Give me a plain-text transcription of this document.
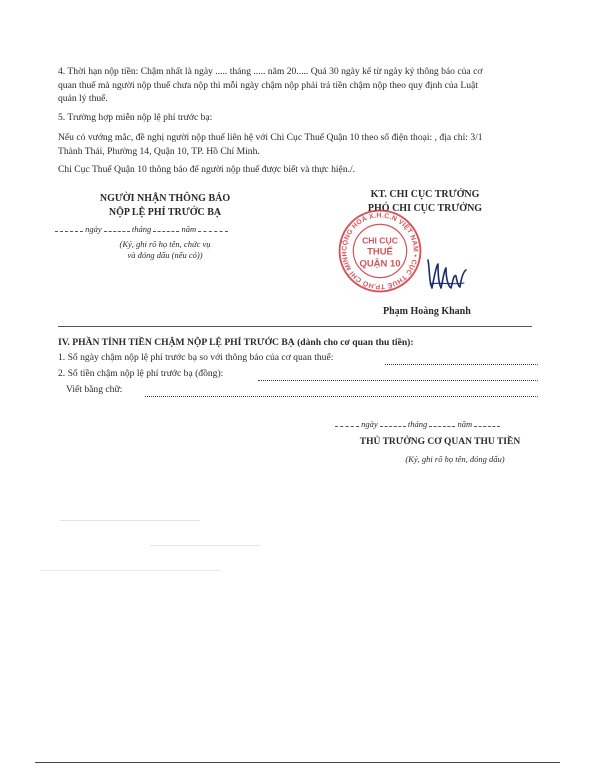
4. Thời hạn nộp tiền: Chậm nhất là ngày ..... tháng ..... năm 20..... Quá 30 ngày kể từ ngày ký thông báo của cơ
quan thuế mà người nộp thuế chưa nộp thì mỗi ngày chậm nộp phải trả tiền chậm nộp theo quy định của Luật
quản lý thuế.
5. Trường hợp miễn nộp lệ phí trước bạ:
Nếu có vướng mắc, đề nghị người nộp thuế liên hệ với Chi Cục Thuế Quận 10 theo số điện thoại: , địa chỉ: 3/1
Thành Thái, Phường 14, Quận 10, TP. Hồ Chí Minh.
Chi Cục Thuế Quận 10 thông báo để người nộp thuế được biết và thực hiện./.
NGƯỜI NHẬN THÔNG BÁO
NỘP LỆ PHÍ TRƯỚC BẠ
ngày	tháng	năm
(Ký, ghi rõ họ tên, chức vụ
và đóng dấu (nếu có))
KT. CHI CỤC TRƯỞNG
PHÓ CHI CỤC TRƯỞNG
CỘNG HOÀ X.H.C.N VIỆT NAM • CỤC THUẾ TP.HỒ CHÍ MINH
CHI CỤC
THUẾ
QUẬN 10
Phạm Hoàng Khanh
IV. PHẦN TÍNH TIỀN CHẬM NỘP LỆ PHÍ TRƯỚC BẠ (dành cho cơ quan thu tiền):
1. Số ngày chậm nộp lệ phí trước bạ so với thông báo của cơ quan thuế:
2. Số tiền chậm nộp lệ phí trước bạ (đồng):
Viết bằng chữ:
ngày	tháng	năm
THỦ TRƯỞNG CƠ QUAN THU TIỀN
(Ký, ghi rõ họ tên, đóng dấu)
